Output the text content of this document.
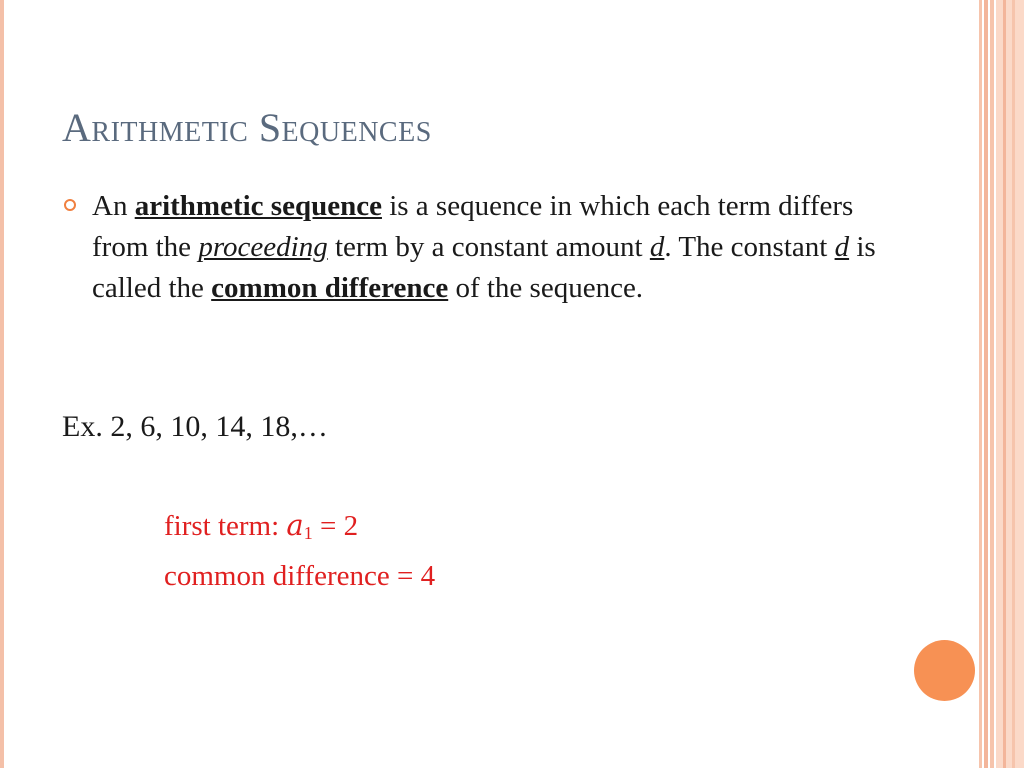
Arithmetic Sequences
An arithmetic sequence is a sequence in which each term differs from the proceeding term by a constant amount d. The constant d is called the common difference of the sequence.
Ex. 2, 6, 10, 14, 18,…
first term: $a_1 = 2$
common difference = 4
